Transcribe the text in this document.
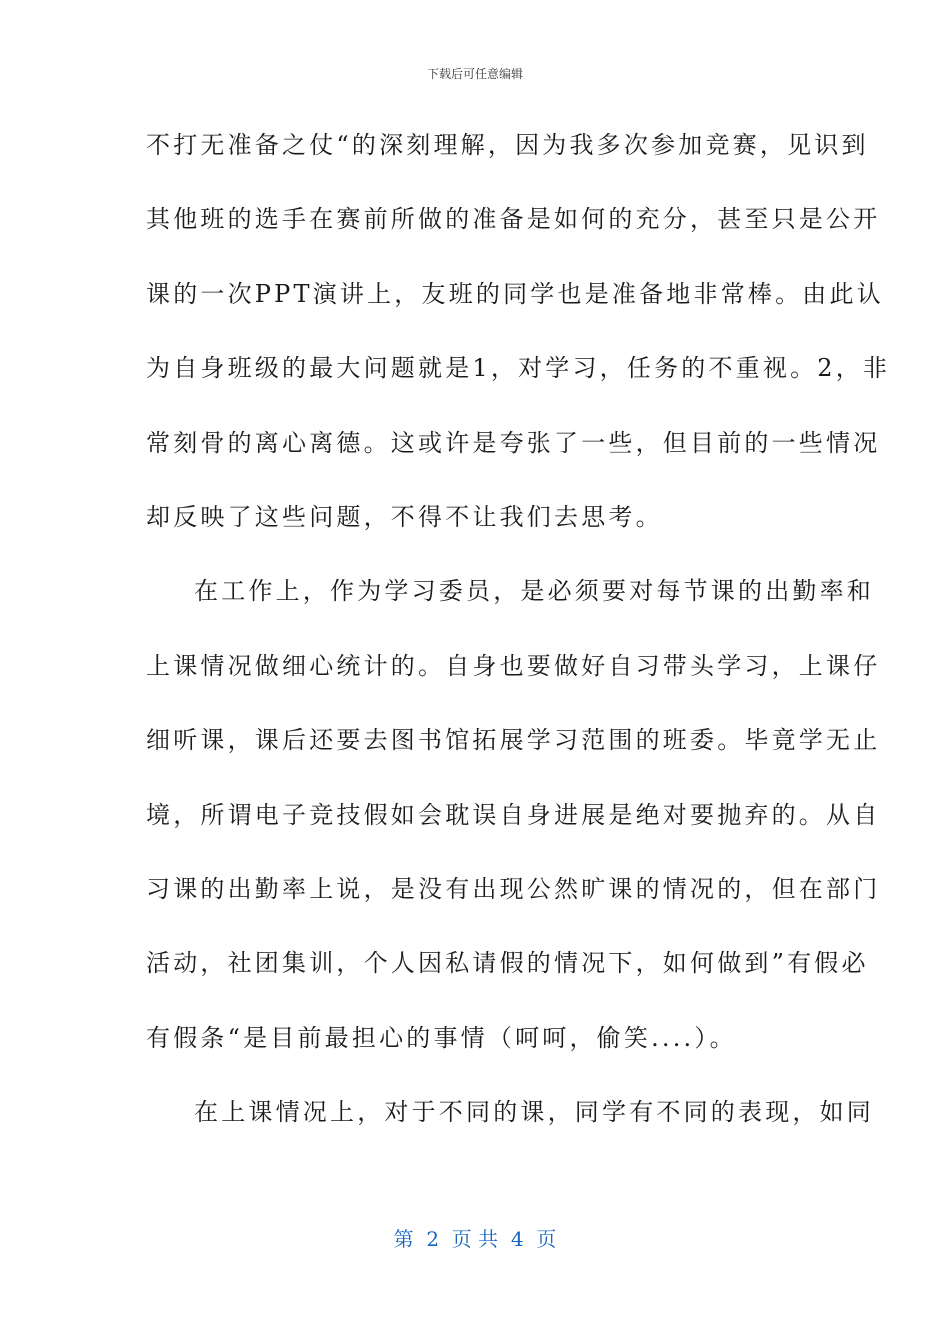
下载后可任意编辑
不打无准备之仗“的深刻理解，因为我多次参加竞赛，见识到
其他班的选手在赛前所做的准备是如何的充分，甚至只是公开
课的一次PPT演讲上，友班的同学也是准备地非常棒。由此认
为自身班级的最大问题就是1，对学习，任务的不重视。2，非
常刻骨的离心离德。这或许是夸张了一些，但目前的一些情况
却反映了这些问题，不得不让我们去思考。
在工作上，作为学习委员，是必须要对每节课的出勤率和
上课情况做细心统计的。自身也要做好自习带头学习，上课仔
细听课，课后还要去图书馆拓展学习范围的班委。毕竟学无止
境，所谓电子竞技假如会耽误自身进展是绝对要抛弃的。从自
习课的出勤率上说，是没有出现公然旷课的情况的，但在部门
活动，社团集训，个人因私请假的情况下，如何做到”有假必
有假条“是目前最担心的事情（呵呵，偷笑....）。
在上课情况上，对于不同的课，同学有不同的表现，如同
第  2  页 共  4  页
